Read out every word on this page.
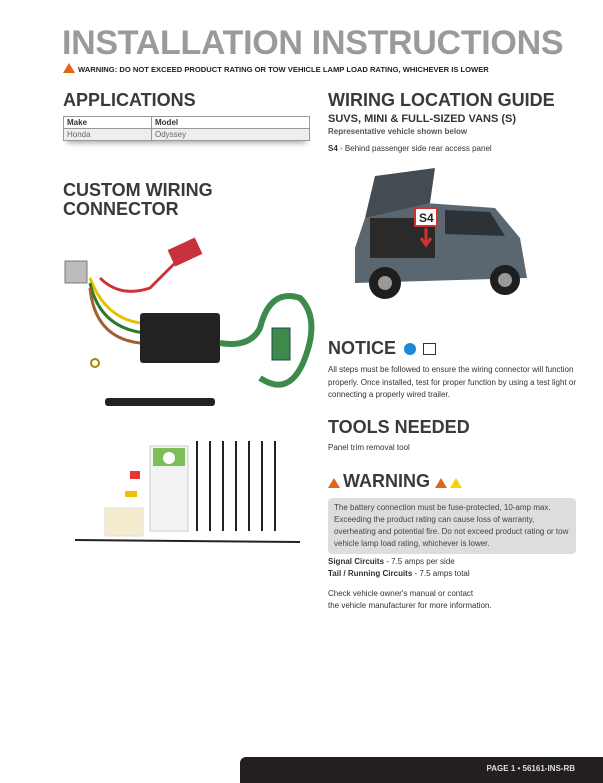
INSTALLATION INSTRUCTIONS
WARNING: DO NOT EXCEED PRODUCT RATING OR TOW VEHICLE LAMP LOAD RATING, WHICHEVER IS LOWER
APPLICATIONS
Make	Model
Honda	Odyssey
CUSTOM WIRING
CONNECTOR
WIRING LOCATION GUIDE
SUVS, MINI & FULL-SIZED VANS (S)
Representative vehicle shown below
S4 - Behind passenger side rear access panel
S4
NOTICE
All steps must be followed to ensure the wiring connector will function properly. Once installed, test for proper function by using a test light or connecting a properly wired trailer.
TOOLS NEEDED
Panel trim removal tool
WARNING
The battery connection must be fuse-protected, 10-amp max. Exceeding the product rating can cause loss of warranty, overheating and potential fire. Do not exceed product rating or tow vehicle lamp load rating, whichever is lower.
Signal Circuits - 7.5 amps per side
Tail / Running Circuits - 7.5 amps total
Check vehicle owner's manual or contact
the vehicle manufacturer for more information.
PAGE 1 • 56161-INS-RB
